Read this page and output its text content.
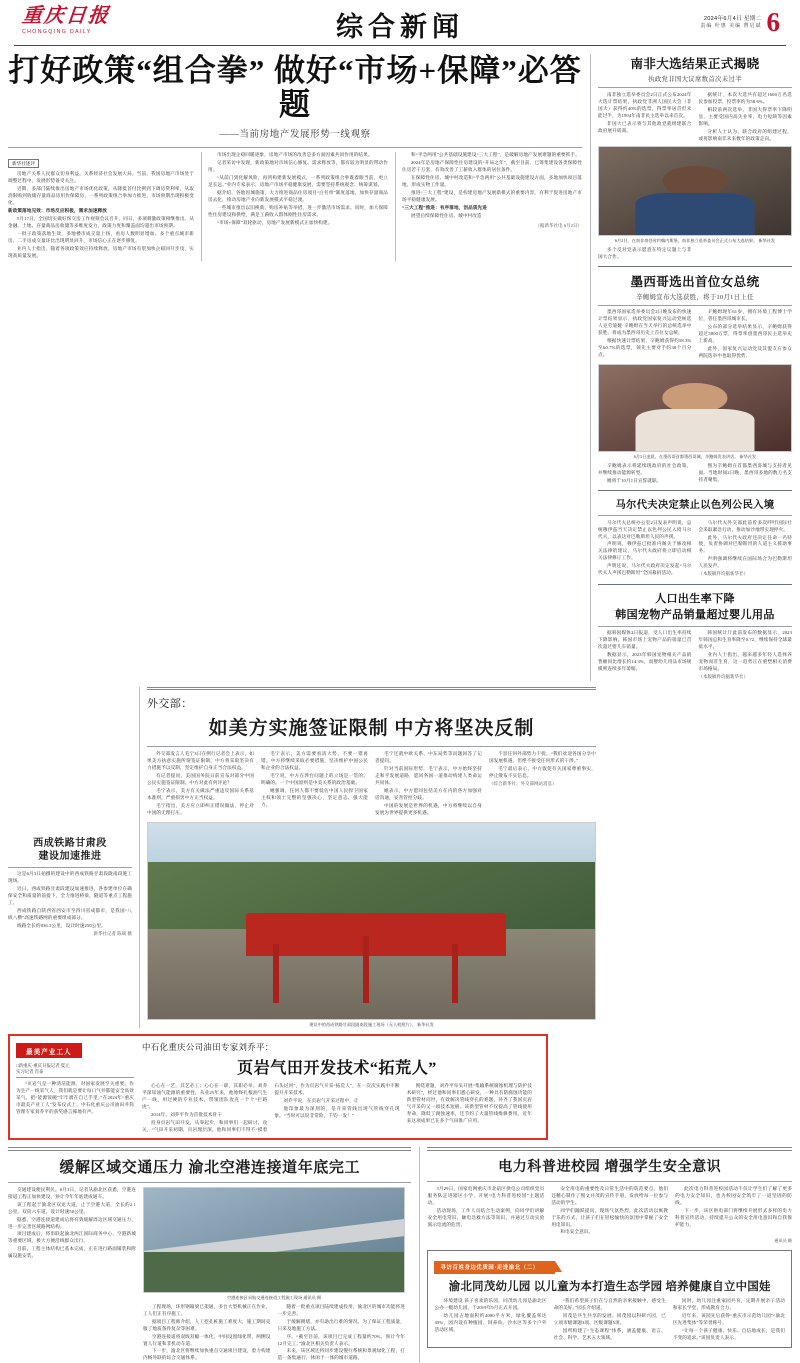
重庆日报
CHONGQING DAILY	综合新闻	2024年6月4日 星期二
责编 叶惠 美编 曹启斌 6
打好政策“组合拳” 做好“市场+保障”必答题
——当前房地产发展形势一线观察
新华社述评

房地产关系人民群众切身利益，关系经济社会发展大局。当前，我国房地产市场处于调整过程中，发展形势备受关注。

近期，多部门陆续推出房地产市场优化政策，从降低首付比例到下调房贷利率，从取消限购到收储存量商品房用作保障房，一系列政策组合拳加力推进，市场预期出现积极变化。

新政策落地见效：市场反应积极，需求加速释放

5月17日，全国切实做好保交房工作视频会议召开，同日，多项刺激政策相继推出。从金融、土地、存量商品房收储等多维度发力，政策力度和覆盖面均超出市场预期。

一批子政策落地生效，多地楼市成交量上扬，看房人数明显增加。多个重点城市新房、二手房成交量环比出现明显回升，市场信心正在逐步修复。

业内人士指出，随着各项政策效应持续释放，房地产市场有望加快企稳回升步伐，实现高质量发展。

市场出现企稳回暖迹象，房地产市场的改善是多方面因素共同作用的结果。

记者采访中发现，新政策地对市场信心修复、需求释放等，都有较为明显的带动作用。

“从前门到化解风险，再到构建新发展模式，一系列政策组合拳既着眼当前，更立足长远。”业内专家表示，房地产市场平稳健康发展，需要坚持系统观念、统筹谋划。

据介绍，各地因城施策，大力推进商品住房项目“白名单”制度落地，加快存量商品房去化，推动房地产业向新发展模式平稳过渡。

一些城市推出以旧换新、购房补贴等举措，进一步激活市场需求。同时，加大保障性住房建设和供给，满足工薪收入群体刚性住房需求。

“市场+保障”双轮驱动，房地产发展新模式正加快构建。

和“平急两用”公共基础设施建设“三大工程”，是破解房地产发展难题的重要抓手。

2024年是房地产保障性住房建设的“开局之年”，截至目前，已筹集建设各类保障性住房若干万套，有效改善了工薪收入群体的居住条件。

在保障性住房、城中村改造和“平急两用”公共基础设施建设方面，多地加快项目落地，形成实物工作量。

推进“三大工程”建设，是构建房地产发展新模式的重要内容，有利于促进房地产市场平稳健康发展。

“三大工程”推进：有序落地，创品质先进

展望后续保障性住房、城中村改造

（据新华社电 6月2日）

南非大选结果正式揭晓
执政党非国大议席数首次未过半

南非独立选举委员会2日正式公布2024年大选计票结果，执政党非洲人国民大会（非国大）获得约40%的选票，得票率居首但未能过半，为1994年南非民主选举以来首次。

非国大已表示将与其他政党就组建联合政府展开磋商。

据统计，本次大选共有超过1600万名选民参加投票，投票率约为58.6%。

相较前两次选举，非国大得票率下降明显，主要受国内高失业率、电力短缺等因素影响。

分析人士认为，联合政府的组建过程，或将影响南非未来数年的政策走向。

6月2日，在南非豪登省约翰内斯堡，南非独立选举委员会正式公布大选结果。 新华社发

多个反对党表示愿意在特定议题上与非国大合作。

墨西哥选出首位女总统
辛鲍姆宣布大选获胜，将于10月1日上任

墨西哥国家选举委员会2日晚发布的快速计票结果显示，执政党国家复兴运动党候选人克劳迪娅·辛鲍姆在当天举行的总统选举中获胜，将成为墨西哥历史上首位女总统。

根据快速计票结果，辛鲍姆获得约58.3%至60.7%的选票，领先主要对手约30个百分点。

辛鲍姆现年61岁，拥有环境工程博士学位，曾任墨西哥城市长。

公布的部分选举结果显示，辛鲍姆获得超过5800万票，得票率创墨西哥民主选举史上新高。

此外，国家复兴运动党及其盟友在参众两院选举中也取得优势。

6月3日凌晨，在墨西哥首都墨西哥城，辛鲍姆发表讲话。 新华社发

辛鲍姆表示将延续现政府的社会政策，并继续推动能源转型。

她将于10月1日宣誓就职。

图为辛鲍姆在首都墨西哥城与支持者见面。当地时间2日晚，墨西哥多地的数万名支持者聚集。

马尔代夫决定禁止以色列公民入境

马尔代夫总统办公室2日发表声明说，总统穆伊兹当天决定禁止以色列公民入境马尔代夫，以表达对巴勒斯坦人民的声援。

声明说，穆伊兹已批准内阁关于修改相关法律的建议，马尔代夫政府将立即启动相关法律修订工作。

声明还说，马尔代夫政府决定发起“马尔代夫人声援巴勒斯坦”全国募捐活动。

马尔代夫外交部此前曾多次呼吁国际社会采取紧急行动，推动加沙地带实现停火。

此外，马尔代夫政府还决定任命一名特使，负责协调对巴勒斯坦的人道主义援助事务。

声明强调将继续在国际场合为巴勒斯坦人民发声。

（本版稿件均据新华社）

人口出生率下降
韩国宠物产品销量超过婴儿用品

据韩国媒体2日报道，受人口出生率持续下降影响，韩国市场上宠物产品的销量已首次超过婴儿车销量。

数据显示，2023年韩国宠物相关产品销售额同比增长约14.3%，而婴幼儿用品市场规模则连续多年萎缩。

韩国统计厅此前发布的数据显示，2023年韩国总和生育率降至0.72，继续保持全球最低水平。

业内人士指出，越来越多年轻人选择养宠物而非生育，这一趋势正在重塑相关消费市场格局。

（本版稿件均据新华社）

西成铁路甘肃段
建设加速推进

这是6月3日拍摄的建设中的西成铁路甘肃段陇南段施工现场。

近日，西成铁路甘肃段建设加速推进，各参建单位在确保安全和质量的前提下，全力推进桥梁、隧道等重点工程施工。

西成铁路自陕西省西安市至四川省成都市，是我国“八纵八横”高速铁路网的重要组成部分。

线路全长约836.5公里，设计时速250公里。

新华社记者 陈斌 摄

外交部：
如美方实施签证限制 中方将坚决反制

外交部发言人毛宁3日在例行记者会上表示，如果美方执意实施所谓签证限制，中方将采取坚决有力措施予以反制，坚定维护自身正当合法权益。

有记者提问，美国国务院日前宣布对部分中国公民实施签证限制。中方对此有何评论？

毛宁表示，美方有关做法严重违反国际关系基本准则，严重损害中方正当权益。

毛宁指出，美方应立即纠正错误做法，停止对中国的无理打压。

毛宁表示，美方需要看清大势，不要一错再错。中方将继续采取必要措施，坚决维护中国公民和企业的合法权益。

毛宁说，中方在涉台问题上的立场是一贯的、明确的。一个中国原则是中美关系的政治基础。

她强调，任何人都不要低估中国人民捍卫国家主权和领土完整的坚强决心、坚定意志、强大能力。

毛宁还就中欧关系、中东局势等问题回答了记者提问。

针对当前国际形势，毛宁表示，中方始终坚持走和平发展道路，愿同各国一道推动构建人类命运共同体。

她表示，中方愿同包括美方在内的各方加强对话沟通，妥善管控分歧。

中国的发展是世界的机遇，中方将继续以自身发展为世界提供更多机遇。

不容任何外部势力干扰。“我们欢迎各国分享中国发展机遇，但绝不接受任何形式的干涉。”

毛宁最后表示，中方敦促有关国家尊重事实，停止散布不实信息。

（综合新华社、外交部网站消息）

建设中的西成铁路甘肃段陇南段施工现场（无人机照片）。 新华社发
最美产业工人
□新重庆-重庆日报记者 夏元
实习记者 肖泰

“页岩气是一种清洁能源，对国家发展至关重要。作为生产一线采气人，我们就是要让每口气井都能安全高效采气，把“能源饭碗”牢牢端在自己手里。”在2024年“重庆市最美产业工人”发布仪式上，中石化重庆公司油田井筒管理专家刘乔平的获奖感言掷地有声。

中石化重庆公司油田专家刘乔平：
页岩气田开发技术“拓荒人”

心心在一艺，其艺必工；心心在一职，其职必举。刘乔平深知油气能源的重要性，从业25年来，他始终扎根油气生产一线，用过硬的专业技术，带领团队攻克一个个“拦路虎”。

2014年，刘乔平作为首批技术骨干

投身页岩气田开发，从零起步，和同事们一起研讨、攻关，“气田开采初期，页岩埋层深，他和同事们不得不“摸着石头过河”，作为页岩气开采“拓荒人”，在一次次实践中不断提升开采技术。

刘乔平说，在页岩气开采过程中，让

他印象最为深刻的，是开采管线出现气管线穿孔现象。“当时可以说非常险，千钧一发！”

围绕难题，刘乔平牵头开展“集输系统腐蚀机理与防护技术研究”，经过他和同事们悉心研发，一种具有防腐蚀功能的新型管材问世，有效解决管线穿孔的难题，补齐了我国页岩气开采的又一项技术短板。该新型管材不仅提高了管线使用寿命，降低了腐蚀速率，还节约了大量管线维修费用。近年来这项成果已在多个气田推广应用。

缓解区域交通压力 渝北空港连接道年底完工

交通建设便民利民。6月3日，记者从渝北区获悉，空港连接道工程正加快建设，预计今年年底建成通车。

该工程起于渝北区双龙大道，止于空港大道，全长约2.1公里，双向六车道，设计时速50公里。

据悉，空港连接道建成后将有效缓解周边区域交通压力，进一步完善区域路网结构。

项目建成后，将串联起渝北两江国际商务中心、空港新城等重要区域，极大方便沿线群众出行。

目前，工程主体结构已基本完成，正在进行路面铺装和附属设施安装。

空港连接区采航交通连接道工程施工现场 通讯员 摄

工程现场，环形钢箱梁已架通，多台大型机械正在作业，工人们正有序施工。

据项目工程师介绍，人工挖孔桩施工难度大，施工期间克服了地质条件复杂等困难。

空港连接道将双线双幅一体化，中间设置绿化带，两侧设置人行道和非机动车道。

下一步，渝北区将继续加快重点交通项目建设，着力构建内畅外联的综合交通体系。

随着一批重点项目陆续建成投用，渝北区的城市功能将进一步完善。

于缓解拥堵，亦有助出行难的情况。为了保证工程质量，只采及地施工方法。

序。“截至目前，该项目已完成工程量约70%，预计今年12月完工。”渝北区相关负责人表示。

未来，该区域还将同步建设慢行系统和景观绿化工程，打造一条集通行、休闲于一体的城市道路。

电力科普进校园 增强学生安全意识

5月29日，国家电网重庆市北碚区供电公司组织党员服务队走进辖区小学，开展“电力科普进校园”主题活动。

活动现场，工作人员结合生动案例，向同学们讲解安全用电常识、触电急救方法等知识，并通过互动实验演示电流的危害。

安全用电的重要性及日常生活中的防范要点。他们还精心制作了图文并茂的宣传手册，发放给每一位参与活动的学生。

同学们踊跃提问，现场气氛热烈。此次活动以寓教于乐的方式，让孩子们在轻松愉快的氛围中掌握了安全用电知识。

和电安全意识。

此次电力科普进校园活动不仅让学生们了解了更多的电力安全知识，也为校园安全筑牢了一道坚固的防线。

下一步，该区供电部门将继续开展形式多样的电力科普宣传活动，持续提升公众的安全用电意识和自我保护能力。

通讯员 摄
寻访百姓身边优质园·走进渝北（二）
渝北同茂幼儿园 以儿童为本打造生态学园 培养健康自立中国娃

环境建设 孩子喜欢的乐园，同茂幼儿园是渝北区公办一级幼儿园，于2019年9月正式开园。

幼儿园占地面积约4000平方米，绿化覆盖率达45%，园内设有种植园、饲养角、沙水区等多个户外活动区域。

“我们希望孩子们在与自然的亲密接触中，感受生命的美好。”园长介绍道。

同茂是共生共享的发展。同茂园以科研兴园，已立项市级课题3项、区级课题5项。

园所构建了“生态课程”体系，涵盖健康、语言、社会、科学、艺术五大领域。

同时，幼儿园注重家园共育，定期开展亲子活动和家长学堂，形成教育合力。

近年来，该园先后获得“重庆市示范幼儿园”“渝北区先进集体”等荣誉称号。

“让每一个孩子健康、快乐、自信地成长，是我们不变的追求。”该园负责人表示。
